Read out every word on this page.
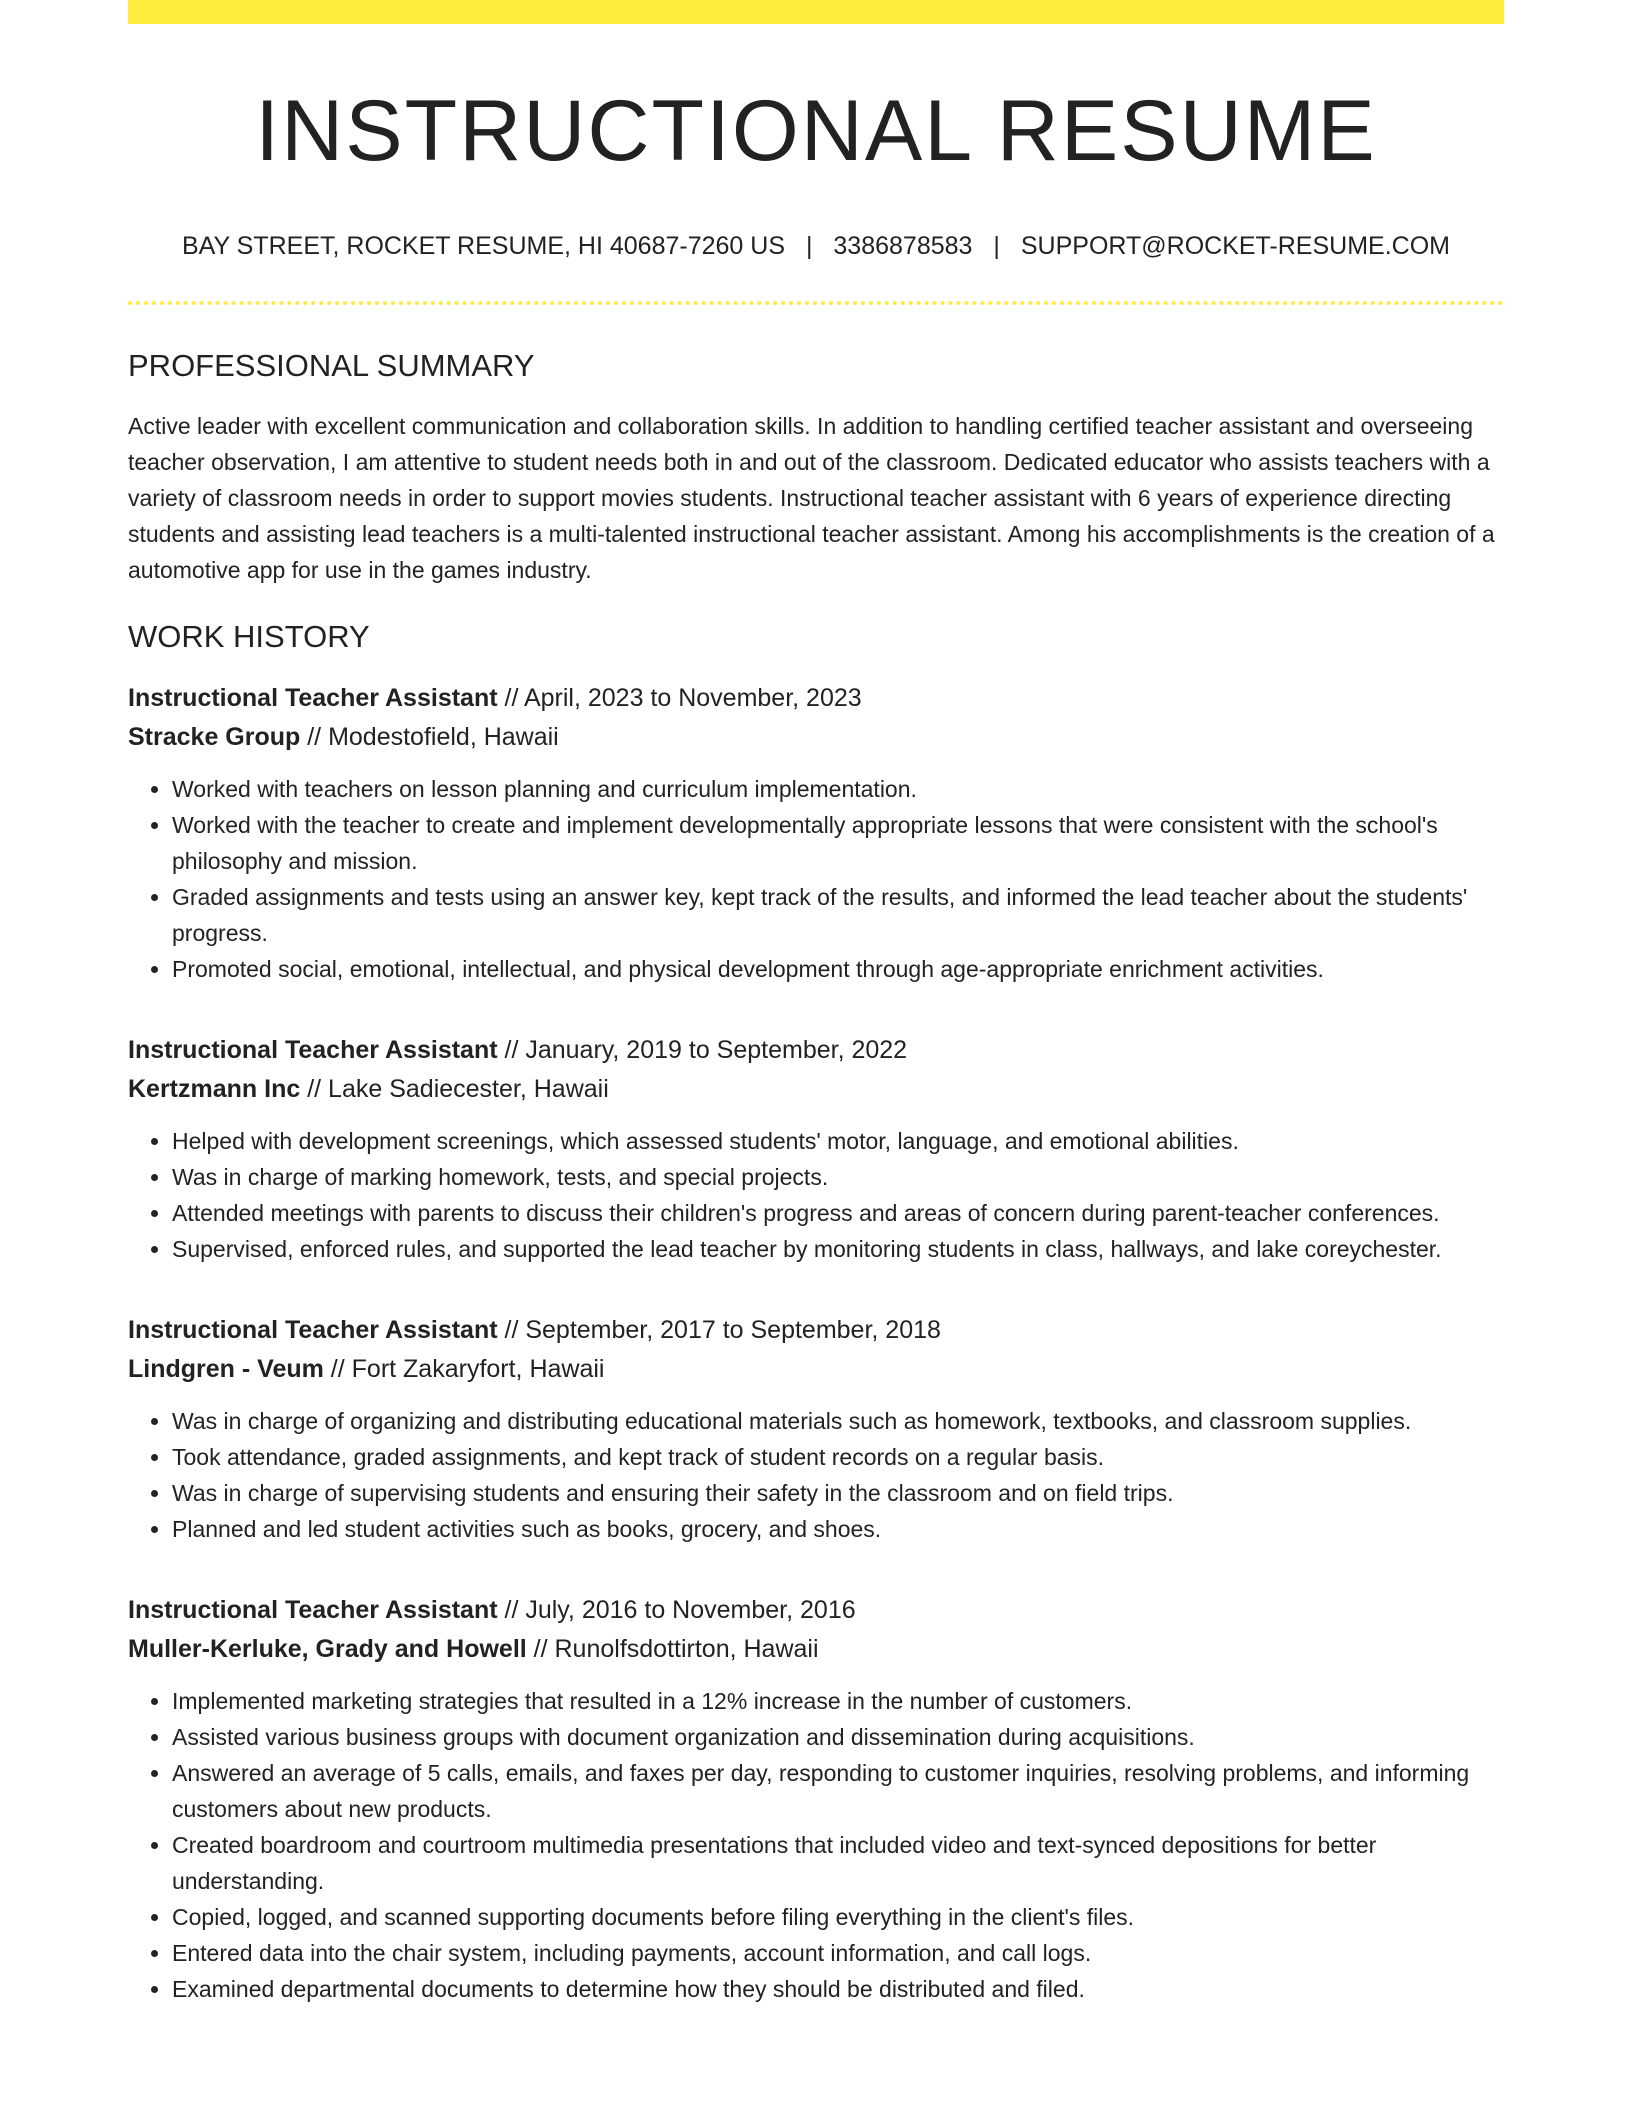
INSTRUCTIONAL RESUME
BAY STREET, ROCKET RESUME, HI 40687-7260 US | 3386878583 | SUPPORT@ROCKET-RESUME.COM
PROFESSIONAL SUMMARY

Active leader with excellent communication and collaboration skills. In addition to handling certified teacher assistant and overseeing teacher observation, I am attentive to student needs both in and out of the classroom. Dedicated educator who assists teachers with a variety of classroom needs in order to support movies students. Instructional teacher assistant with 6 years of experience directing students and assisting lead teachers is a multi-talented instructional teacher assistant. Among his accomplishments is the creation of a automotive app for use in the games industry.

WORK HISTORY
Instructional Teacher Assistant // April, 2023 to November, 2023
Stracke Group // Modestofield, Hawaii
• Worked with teachers on lesson planning and curriculum implementation.
• Worked with the teacher to create and implement developmentally appropriate lessons that were consistent with the school's philosophy and mission.
• Graded assignments and tests using an answer key, kept track of the results, and informed the lead teacher about the students' progress.
• Promoted social, emotional, intellectual, and physical development through age-appropriate enrichment activities.
Instructional Teacher Assistant // January, 2019 to September, 2022
Kertzmann Inc // Lake Sadiecester, Hawaii
• Helped with development screenings, which assessed students' motor, language, and emotional abilities.
• Was in charge of marking homework, tests, and special projects.
• Attended meetings with parents to discuss their children's progress and areas of concern during parent-teacher conferences.
• Supervised, enforced rules, and supported the lead teacher by monitoring students in class, hallways, and lake coreychester.
Instructional Teacher Assistant // September, 2017 to September, 2018
Lindgren - Veum // Fort Zakaryfort, Hawaii
• Was in charge of organizing and distributing educational materials such as homework, textbooks, and classroom supplies.
• Took attendance, graded assignments, and kept track of student records on a regular basis.
• Was in charge of supervising students and ensuring their safety in the classroom and on field trips.
• Planned and led student activities such as books, grocery, and shoes.
Instructional Teacher Assistant // July, 2016 to November, 2016
Muller-Kerluke, Grady and Howell // Runolfsdottirton, Hawaii
• Implemented marketing strategies that resulted in a 12% increase in the number of customers.
• Assisted various business groups with document organization and dissemination during acquisitions.
• Answered an average of 5 calls, emails, and faxes per day, responding to customer inquiries, resolving problems, and informing customers about new products.
• Created boardroom and courtroom multimedia presentations that included video and text-synced depositions for better understanding.
• Copied, logged, and scanned supporting documents before filing everything in the client's files.
• Entered data into the chair system, including payments, account information, and call logs.
• Examined departmental documents to determine how they should be distributed and filed.
